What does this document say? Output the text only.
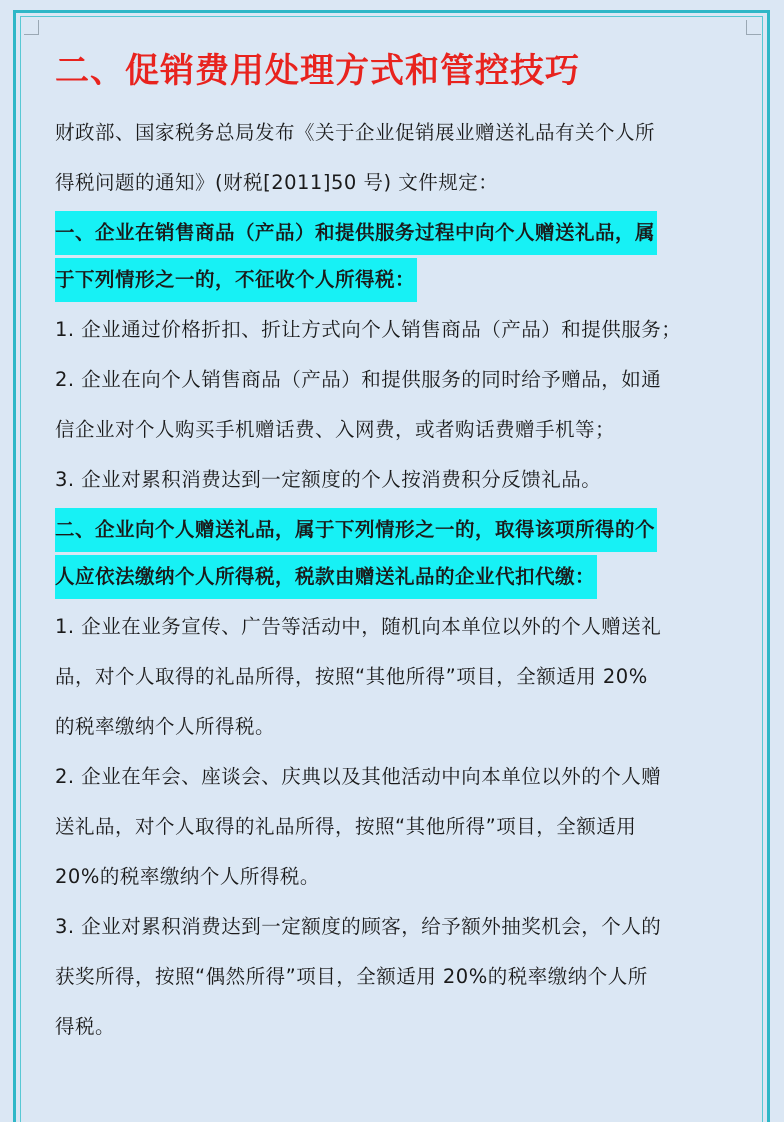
二、促销费用处理方式和管控技巧
财政部、国家税务总局发布《关于企业促销展业赠送礼品有关个人所
得税问题的通知》(财税[2011]50 号) 文件规定：
一、企业在销售商品（产品）和提供服务过程中向个人赠送礼品，属
于下列情形之一的，不征收个人所得税：
1. 企业通过价格折扣、折让方式向个人销售商品（产品）和提供服务；
2. 企业在向个人销售商品（产品）和提供服务的同时给予赠品，如通
信企业对个人购买手机赠话费、入网费，或者购话费赠手机等；
3. 企业对累积消费达到一定额度的个人按消费积分反馈礼品。
二、企业向个人赠送礼品，属于下列情形之一的，取得该项所得的个
人应依法缴纳个人所得税，税款由赠送礼品的企业代扣代缴：
1. 企业在业务宣传、广告等活动中，随机向本单位以外的个人赠送礼
品，对个人取得的礼品所得，按照“其他所得”项目，全额适用 20%
的税率缴纳个人所得税。
2. 企业在年会、座谈会、庆典以及其他活动中向本单位以外的个人赠
送礼品，对个人取得的礼品所得，按照“其他所得”项目，全额适用
20%的税率缴纳个人所得税。
3. 企业对累积消费达到一定额度的顾客，给予额外抽奖机会，个人的
获奖所得，按照“偶然所得”项目，全额适用 20%的税率缴纳个人所
得税。
